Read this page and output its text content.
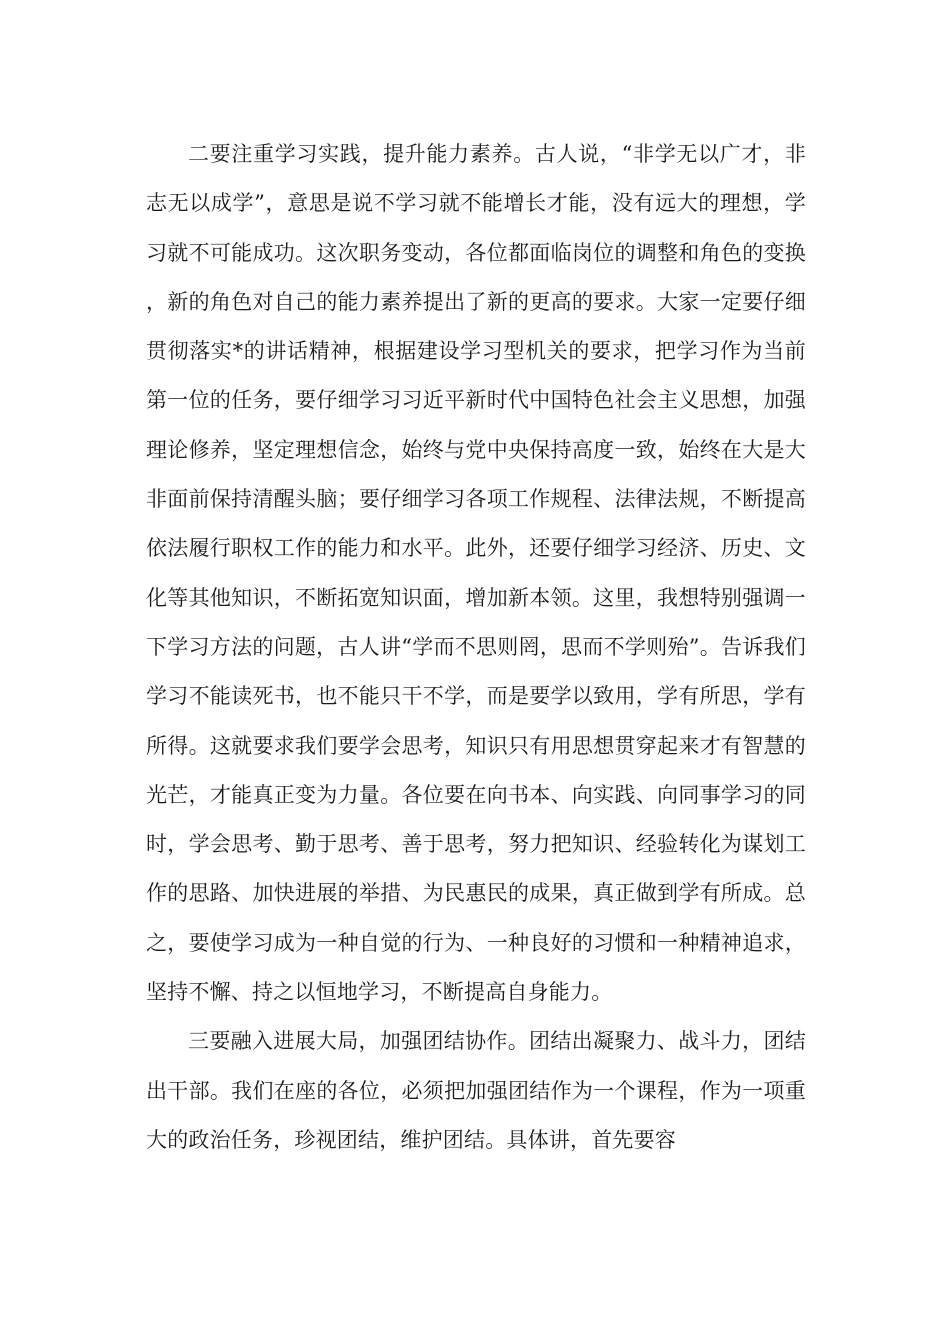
二要注重学习实践，提升能力素养。古人说，“非学无以广才，非志无以成学”，意思是说不学习就不能增长才能，没有远大的理想，学习就不可能成功。这次职务变动，各位都面临岗位的调整和角色的变换，新的角色对自己的能力素养提出了新的更高的要求。大家一定要仔细贯彻落实*的讲话精神，根据建设学习型机关的要求，把学习作为当前第一位的任务，要仔细学习习近平新时代中国特色社会主义思想，加强理论修养，坚定理想信念，始终与党中央保持高度一致，始终在大是大非面前保持清醒头脑；要仔细学习各项工作规程、法律法规，不断提高依法履行职权工作的能力和水平。此外，还要仔细学习经济、历史、文化等其他知识，不断拓宽知识面，增加新本领。这里，我想特别强调一下学习方法的问题，古人讲“学而不思则罔，思而不学则殆”。告诉我们学习不能读死书，也不能只干不学，而是要学以致用，学有所思，学有所得。这就要求我们要学会思考，知识只有用思想贯穿起来才有智慧的光芒，才能真正变为力量。各位要在向书本、向实践、向同事学习的同时，学会思考、勤于思考、善于思考，努力把知识、经验转化为谋划工作的思路、加快进展的举措、为民惠民的成果，真正做到学有所成。总之，要使学习成为一种自觉的行为、一种良好的习惯和一种精神追求，坚持不懈、持之以恒地学习，不断提高自身能力。

三要融入进展大局，加强团结协作。团结出凝聚力、战斗力，团结出干部。我们在座的各位，必须把加强团结作为一个课程，作为一项重大的政治任务，珍视团结，维护团结。具体讲，首先要容
